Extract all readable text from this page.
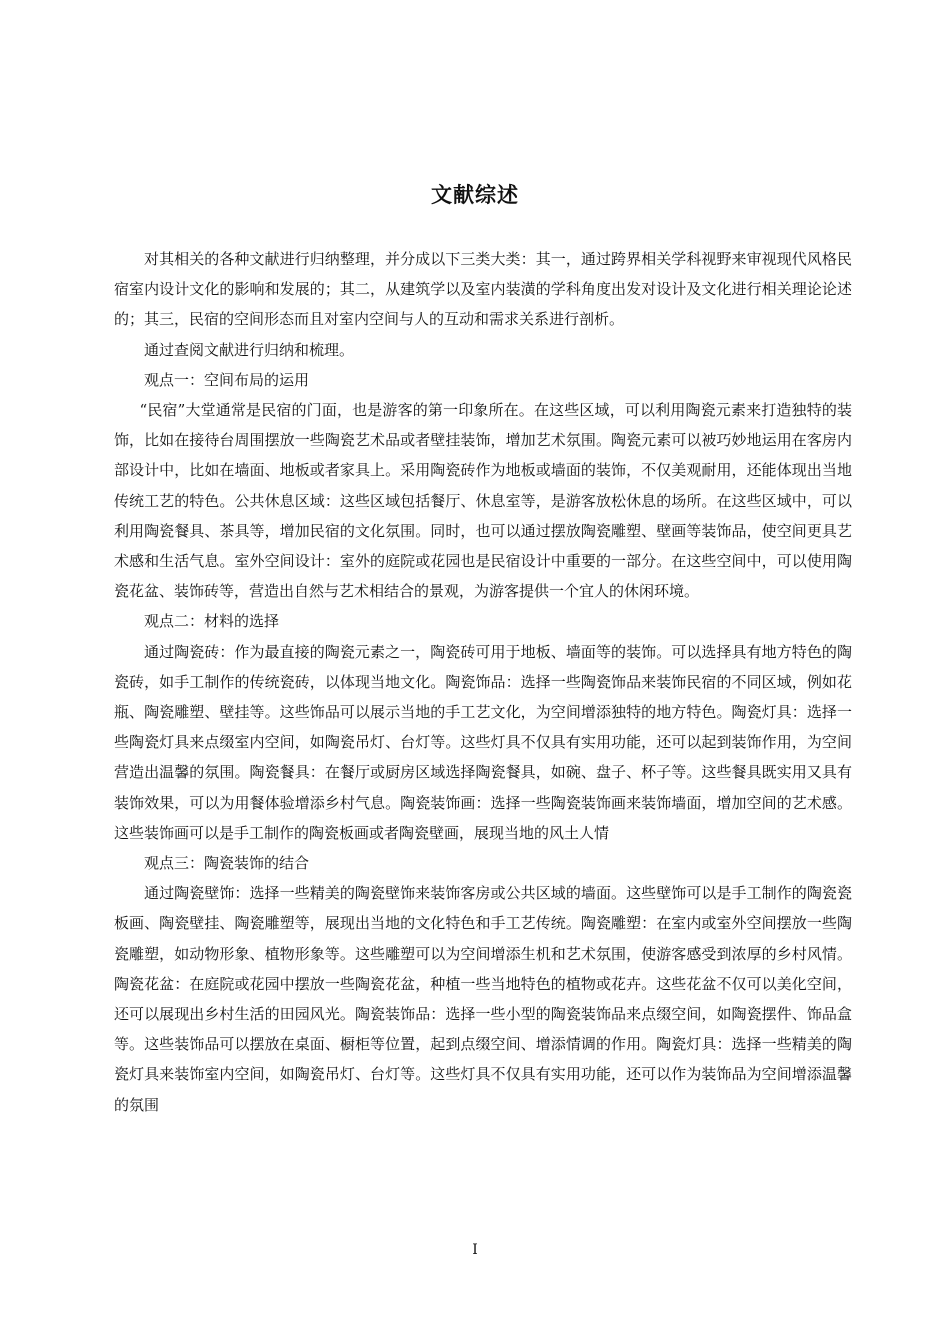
文献综述

对其相关的各种文献进行归纳整理，并分成以下三类大类：其一，通过跨界相关学科视野来审视现代风格民宿室内设计文化的影响和发展的；其二，从建筑学以及室内装潢的学科角度出发对设计及文化进行相关理论论述的；其三，民宿的空间形态而且对室内空间与人的互动和需求关系进行剖析。

通过查阅文献进行归纳和梳理。

观点一：空间布局的运用

“民宿”大堂通常是民宿的门面，也是游客的第一印象所在。在这些区域，可以利用陶瓷元素来打造独特的装饰，比如在接待台周围摆放一些陶瓷艺术品或者壁挂装饰，增加艺术氛围。陶瓷元素可以被巧妙地运用在客房内部设计中，比如在墙面、地板或者家具上。采用陶瓷砖作为地板或墙面的装饰，不仅美观耐用，还能体现出当地传统工艺的特色。公共休息区域：这些区域包括餐厅、休息室等，是游客放松休息的场所。在这些区域中，可以利用陶瓷餐具、茶具等，增加民宿的文化氛围。同时，也可以通过摆放陶瓷雕塑、壁画等装饰品，使空间更具艺术感和生活气息。室外空间设计：室外的庭院或花园也是民宿设计中重要的一部分。在这些空间中，可以使用陶瓷花盆、装饰砖等，营造出自然与艺术相结合的景观，为游客提供一个宜人的休闲环境。

观点二：材料的选择

通过陶瓷砖：作为最直接的陶瓷元素之一，陶瓷砖可用于地板、墙面等的装饰。可以选择具有地方特色的陶瓷砖，如手工制作的传统瓷砖，以体现当地文化。陶瓷饰品：选择一些陶瓷饰品来装饰民宿的不同区域，例如花瓶、陶瓷雕塑、壁挂等。这些饰品可以展示当地的手工艺文化，为空间增添独特的地方特色。陶瓷灯具：选择一些陶瓷灯具来点缀室内空间，如陶瓷吊灯、台灯等。这些灯具不仅具有实用功能，还可以起到装饰作用，为空间营造出温馨的氛围。陶瓷餐具：在餐厅或厨房区域选择陶瓷餐具，如碗、盘子、杯子等。这些餐具既实用又具有装饰效果，可以为用餐体验增添乡村气息。陶瓷装饰画：选择一些陶瓷装饰画来装饰墙面，增加空间的艺术感。这些装饰画可以是手工制作的陶瓷板画或者陶瓷壁画，展现当地的风土人情

观点三：陶瓷装饰的结合

通过陶瓷壁饰：选择一些精美的陶瓷壁饰来装饰客房或公共区域的墙面。这些壁饰可以是手工制作的陶瓷瓷板画、陶瓷壁挂、陶瓷雕塑等，展现出当地的文化特色和手工艺传统。陶瓷雕塑：在室内或室外空间摆放一些陶瓷雕塑，如动物形象、植物形象等。这些雕塑可以为空间增添生机和艺术氛围，使游客感受到浓厚的乡村风情。陶瓷花盆：在庭院或花园中摆放一些陶瓷花盆，种植一些当地特色的植物或花卉。这些花盆不仅可以美化空间，还可以展现出乡村生活的田园风光。陶瓷装饰品：选择一些小型的陶瓷装饰品来点缀空间，如陶瓷摆件、饰品盒等。这些装饰品可以摆放在桌面、橱柜等位置，起到点缀空间、增添情调的作用。陶瓷灯具：选择一些精美的陶瓷灯具来装饰室内空间，如陶瓷吊灯、台灯等。这些灯具不仅具有实用功能，还可以作为装饰品为空间增添温馨的氛围

I
